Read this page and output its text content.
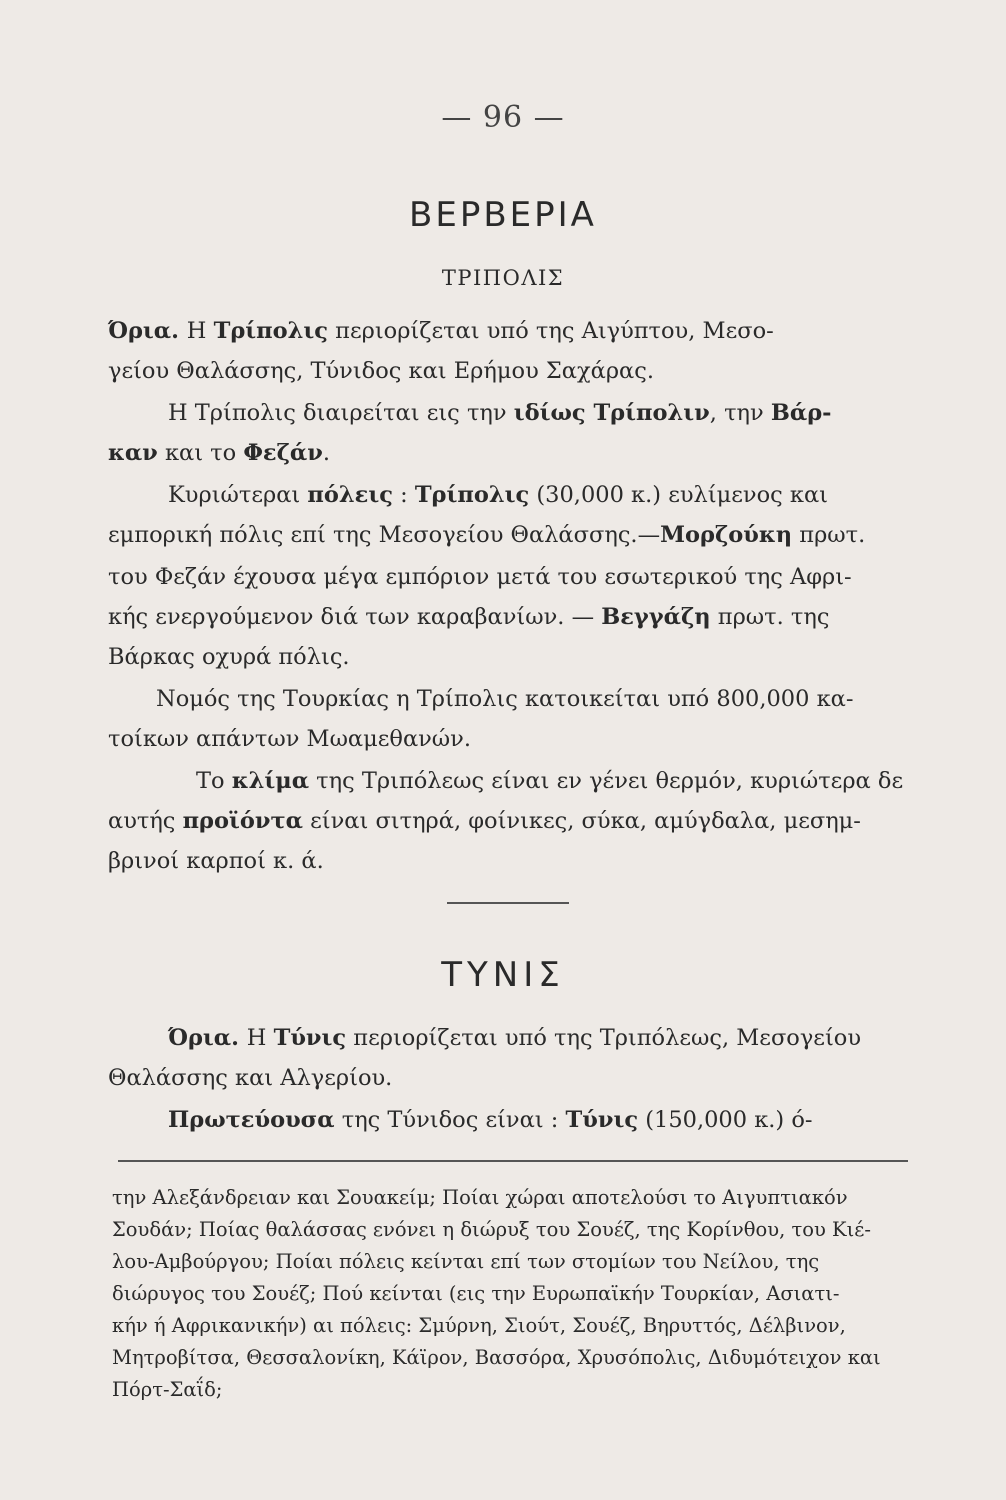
— 96 —
ΒΕΡΒΕΡΙΑ
ΤΡΙΠΟΛΙΣ
Όρια. Η Τρίπολις περιορίζεται υπό της Αιγύπτου, Μεσο-
γείου Θαλάσσης, Τύνιδος και Ερήμου Σαχάρας.
Η Τρίπολις διαιρείται εις την ιδίως Τρίπολιν, την Βάρ-
καν και το Φεζάν.
Κυριώτεραι πόλεις : Τρίπολις (30,000 κ.) ευλίμενος και
εμπορική πόλις επί της Μεσογείου Θαλάσσης.—Μορζούκη πρωτ.
του Φεζάν έχουσα μέγα εμπόριον μετά του εσωτερικού της Αφρι-
κής ενεργούμενον διά των καραβανίων. — Βεγγάζη πρωτ. της
Βάρκας οχυρά πόλις.
Νομός της Τουρκίας η Τρίπολις κατοικείται υπό 800,000 κα-
τοίκων απάντων Μωαμεθανών.
Το κλίμα της Τριπόλεως είναι εν γένει θερμόν, κυριώτερα δε
αυτής προϊόντα είναι σιτηρά, φοίνικες, σύκα, αμύγδαλα, μεσημ-
βρινοί καρποί κ. ά.
ΤΥΝΙΣ
Όρια. Η Τύνις περιορίζεται υπό της Τριπόλεως, Μεσογείου
Θαλάσσης και Αλγερίου.
Πρωτεύουσα της Τύνιδος είναι : Τύνις (150,000 κ.) ό-
την Αλεξάνδρειαν και Σουακείμ; Ποίαι χώραι αποτελούσι το Αιγυπτιακόν
Σουδάν; Ποίας θαλάσσας ενόνει η διώρυξ του Σουέζ, της Κορίνθου, του Κιέ-
λου-Αμβούργου; Ποίαι πόλεις κείνται επί των στομίων του Νείλου, της
διώρυγος του Σουέζ; Πού κείνται (εις την Ευρωπαϊκήν Τουρκίαν, Ασιατι-
κήν ή Αφρικανικήν) αι πόλεις: Σμύρνη, Σιούτ, Σουέζ, Βηρυττός, Δέλβινον,
Μητροβίτσα, Θεσσαλονίκη, Κάϊρον, Βασσόρα, Χρυσόπολις, Διδυμότειχον και
Πόρτ-Σαΐδ;
